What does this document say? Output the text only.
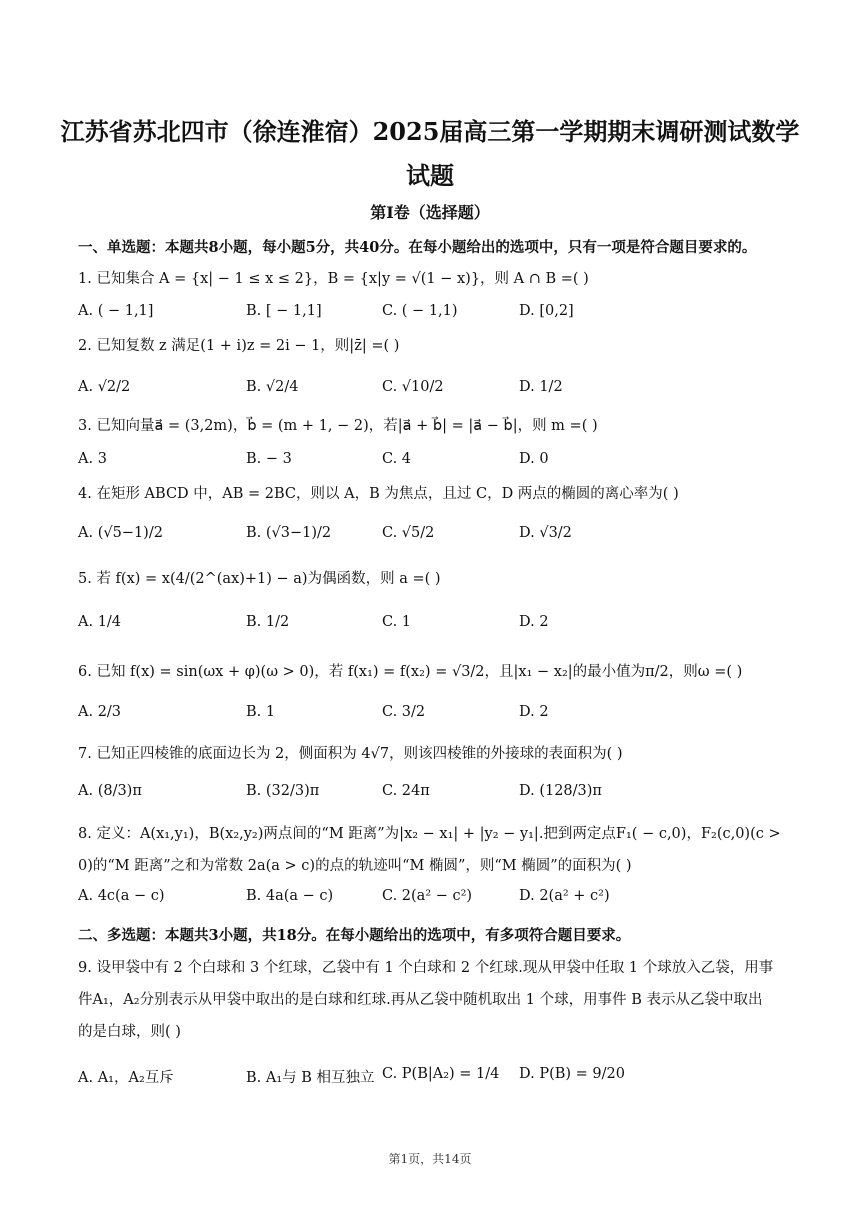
江苏省苏北四市（徐连淮宿）2025届高三第一学期期末调研测试数学
试题
第I卷（选择题）
一、单选题：本题共8小题，每小题5分，共40分。在每小题给出的选项中，只有一项是符合题目要求的。
1. 已知集合 A = {x| − 1 ≤ x ≤ 2}，B = {x|y = √(1 − x)}，则 A ∩ B =( )
A. ( − 1,1]	B. [ − 1,1]	C. ( − 1,1)	D. [0,2]
2. 已知复数 z 满足(1 + i)z = 2i − 1，则|z̄| =( )
A. √2/2	B. √2/4	C. √10/2	D. 1/2
3. 已知向量a⃗ = (3,2m)，b⃗ = (m + 1, − 2)，若|a⃗ + b⃗| = |a⃗ − b⃗|，则 m =( )
A. 3	B. − 3	C. 4	D. 0
4. 在矩形 ABCD 中，AB = 2BC，则以 A，B 为焦点，且过 C，D 两点的椭圆的离心率为( )
A. (√5−1)/2	B. (√3−1)/2	C. √5/2	D. √3/2
5. 若 f(x) = x(4/(2^(ax)+1) − a)为偶函数，则 a =( )
A. 1/4	B. 1/2	C. 1	D. 2
6. 已知 f(x) = sin(ωx + φ)(ω > 0)，若 f(x₁) = f(x₂) = √3/2，且|x₁ − x₂|的最小值为π/2，则ω =( )
A. 2/3	B. 1	C. 3/2	D. 2
7. 已知正四棱锥的底面边长为 2，侧面积为 4√7，则该四棱锥的外接球的表面积为( )
A. (8/3)π	B. (32/3)π	C. 24π	D. (128/3)π
8. 定义：A(x₁,y₁)，B(x₂,y₂)两点间的“M 距离”为|x₂ − x₁| + |y₂ − y₁|.把到两定点F₁( − c,0)，F₂(c,0)(c >
0)的“M 距离”之和为常数 2a(a > c)的点的轨迹叫“M 椭圆”，则“M 椭圆”的面积为( )
A. 4c(a − c)	B. 4a(a − c)	C. 2(a² − c²)	D. 2(a² + c²)
二、多选题：本题共3小题，共18分。在每小题给出的选项中，有多项符合题目要求。
9. 设甲袋中有 2 个白球和 3 个红球，乙袋中有 1 个白球和 2 个红球.现从甲袋中任取 1 个球放入乙袋，用事
件A₁，A₂分别表示从甲袋中取出的是白球和红球.再从乙袋中随机取出 1 个球，用事件 B 表示从乙袋中取出
的是白球，则( )
A. A₁，A₂互斥	B. A₁与 B 相互独立 C. P(B|A₂) = 1/4 D. P(B) = 9/20
第1页，共14页
